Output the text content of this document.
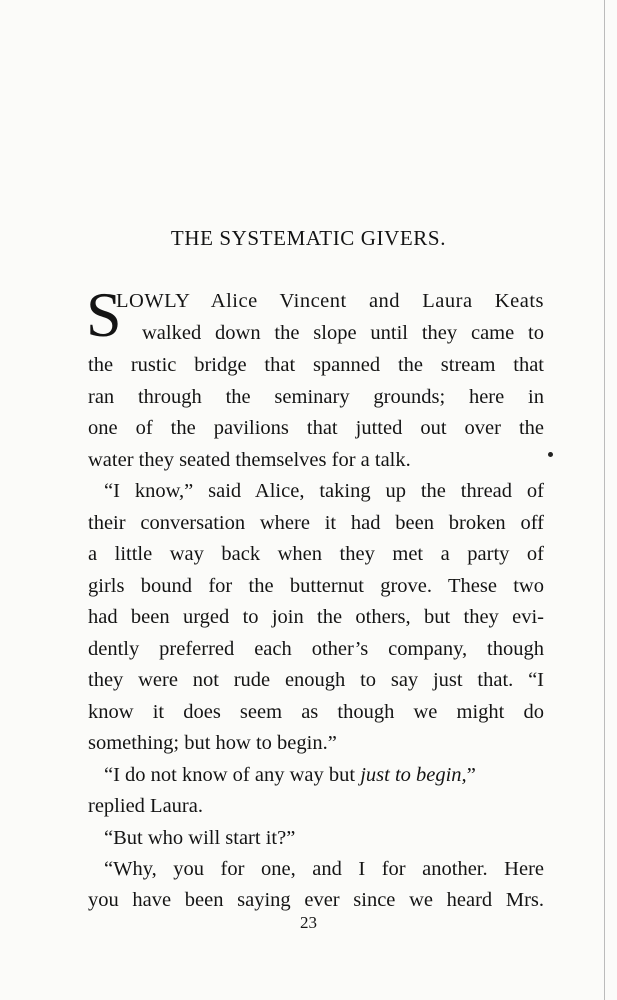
THE SYSTEMATIC GIVERS.
S
LOWLY Alice Vincent and Laura Keats
walked down the slope until they came to
the rustic bridge that spanned the stream that
ran through the seminary grounds; here in
one of the pavilions that jutted out over the
water they seated themselves for a talk.
“I know,” said Alice, taking up the thread of
their conversation where it had been broken off
a little way back when they met a party of
girls bound for the butternut grove. These two
had been urged to join the others, but they evi-
dently preferred each other’s company, though
they were not rude enough to say just that. “I
know it does seem as though we might do
something; but how to begin.”
“I do not know of any way but just to begin,”
replied Laura.
“But who will start it?”
“Why, you for one, and I for another. Here
you have been saying ever since we heard Mrs.
23
